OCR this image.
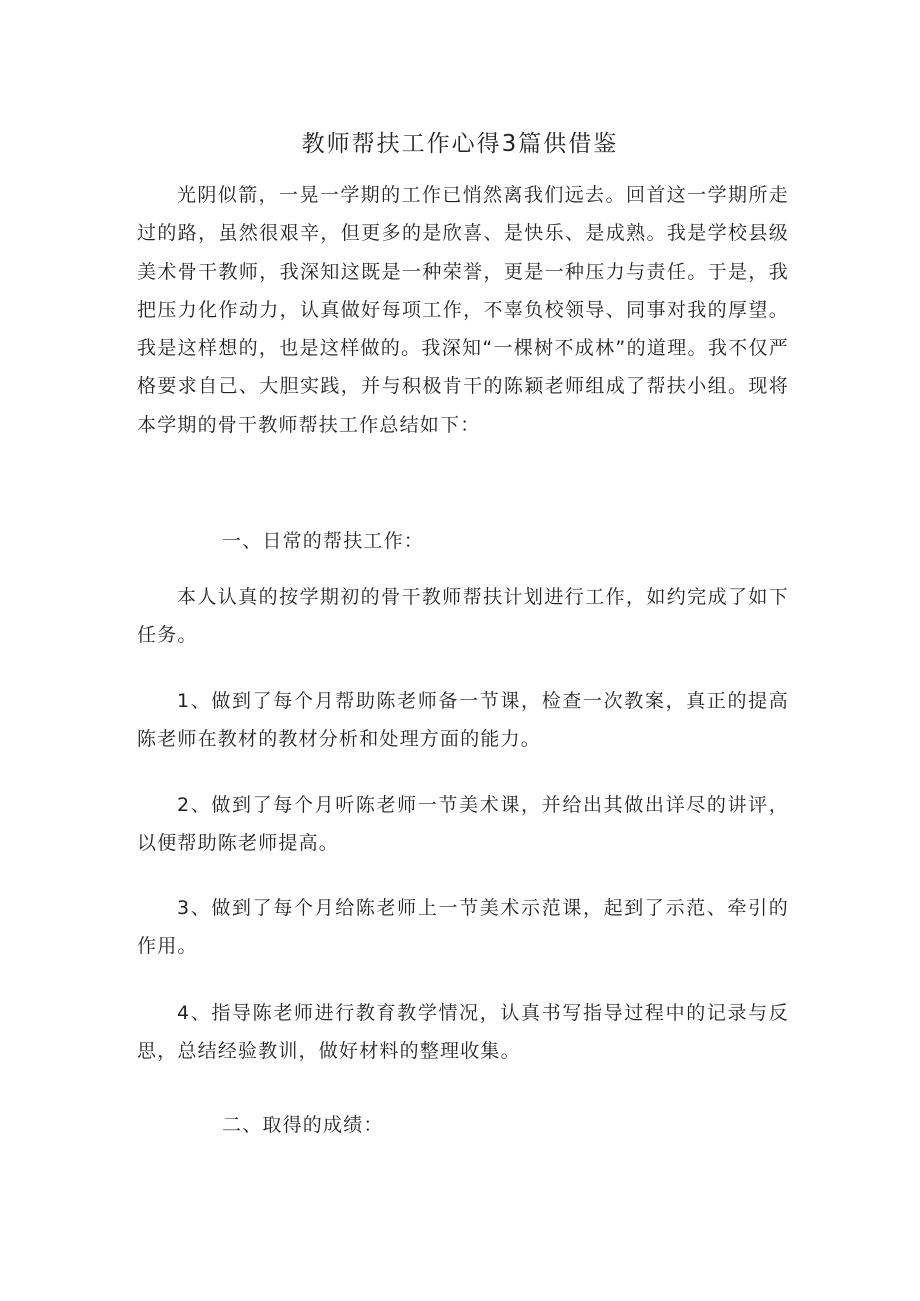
教师帮扶工作心得3篇供借鉴

光阴似箭，一晃一学期的工作已悄然离我们远去。回首这一学期所走过的路，虽然很艰辛，但更多的是欣喜、是快乐、是成熟。我是学校县级美术骨干教师，我深知这既是一种荣誉，更是一种压力与责任。于是，我把压力化作动力，认真做好每项工作，不辜负校领导、同事对我的厚望。我是这样想的，也是这样做的。我深知“一棵树不成林”的道理。我不仅严格要求自己、大胆实践，并与积极肯干的陈颖老师组成了帮扶小组。现将本学期的骨干教师帮扶工作总结如下：

一、日常的帮扶工作：

本人认真的按学期初的骨干教师帮扶计划进行工作，如约完成了如下任务。

1、做到了每个月帮助陈老师备一节课，检查一次教案，真正的提高陈老师在教材的教材分析和处理方面的能力。

2、做到了每个月听陈老师一节美术课，并给出其做出详尽的讲评，以便帮助陈老师提高。

3、做到了每个月给陈老师上一节美术示范课，起到了示范、牵引的作用。

4、指导陈老师进行教育教学情况，认真书写指导过程中的记录与反思，总结经验教训，做好材料的整理收集。

二、取得的成绩：
